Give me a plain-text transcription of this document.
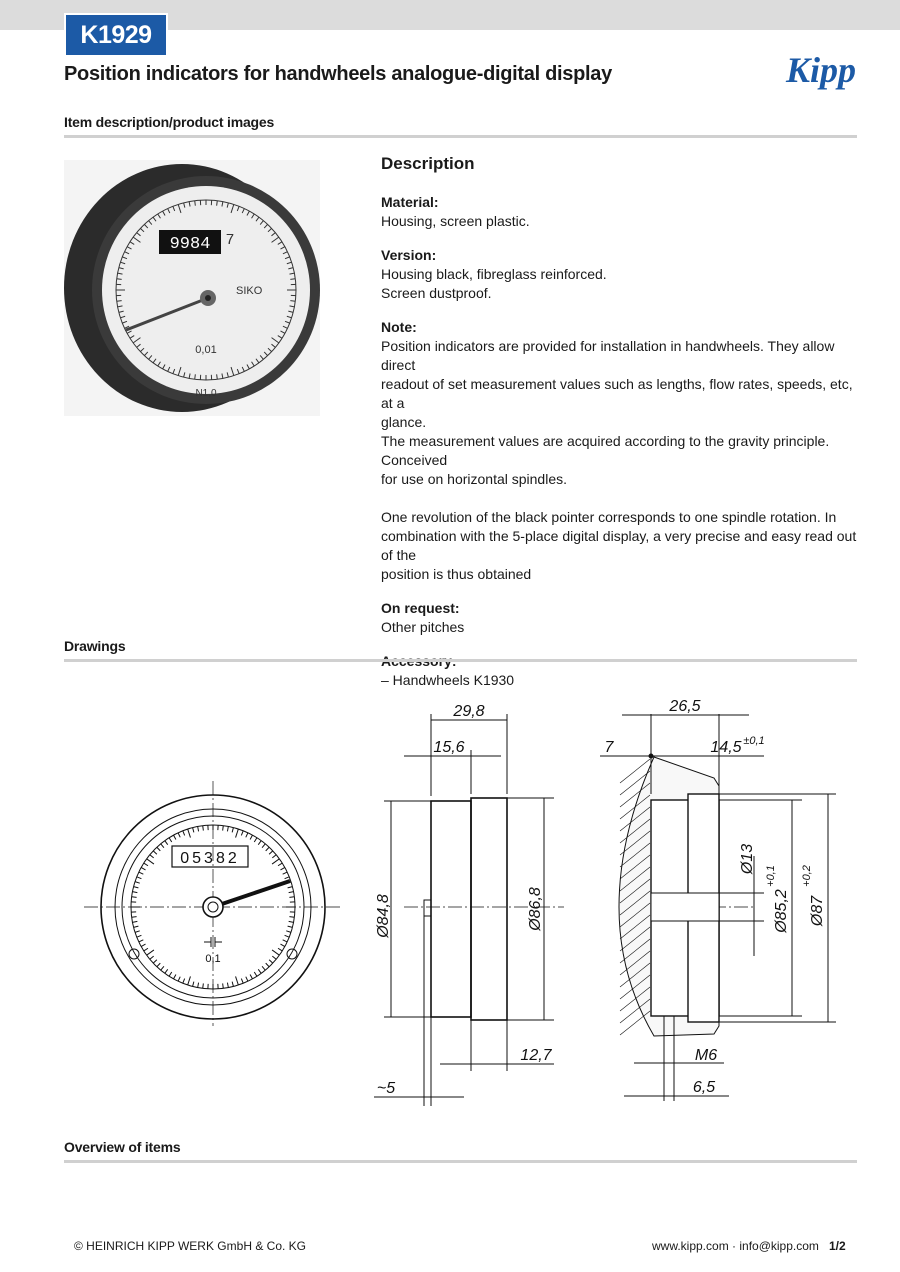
K1929
Position indicators for handwheels analogue-digital display	Kipp
Item description/product images
9984 7
SIKO
0,01
N1,0
Description
Material:

Housing, screen plastic.

Version:

Housing black, fibreglass reinforced.

Screen dustproof.

Note:

Position indicators are provided for installation in handwheels. They allow direct

readout of set measurement values such as lengths, flow rates, speeds, etc, at a

glance.

The measurement values are acquired according to the gravity principle. Conceived

for use on horizontal spindles.

One revolution of the black pointer corresponds to one spindle rotation. In

combination with the 5-place digital display, a very precise and easy read out of the

position is thus obtained

On request:

Other pitches

– Handwheels K1930

Drawings
05382
0,1
29,8
15,6
Ø84,8	Ø86,8
12,7
~5
26,5
7	14,5 ±0,1
Ø13
Ø85,2
+0,1
Ø87
+0,2
M6
6,5
Overview of items
© HEINRICH KIPP WERK GmbH & Co. KG	www.kipp.com · info@kipp.com 1/2
